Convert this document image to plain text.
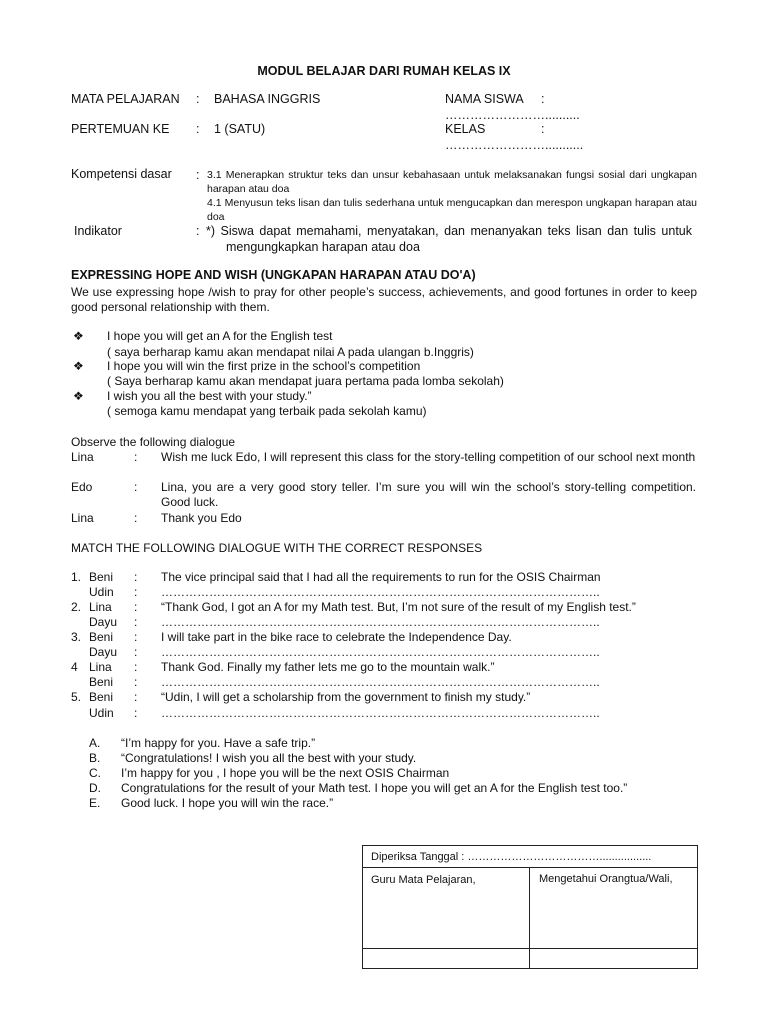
MODUL BELAJAR DARI RUMAH KELAS IX
MATA PELAJARAN : BAHASA INGGRIS	NAMA SISWA :
……………………..........
PERTEMUAN KE : 1 (SATU)	KELAS	:
……………………...........
Kompetensi dasar : 3.1 Menerapkan struktur teks dan unsur kebahasaan untuk melaksanakan fungsi sosial dari ungkapan harapan atau doa
4.1 Menyusun teks lisan dan tulis sederhana untuk mengucapkan dan merespon ungkapan harapan atau doa
Indikator	: *) Siswa dapat memahami, menyatakan, dan menanyakan teks lisan dan tulis untuk
mengungkapkan harapan atau doa
EXPRESSING HOPE AND WISH (UNGKAPAN HARAPAN ATAU DO'A)
We use expressing hope /wish to pray for other people’s success, achievements, and good fortunes in order to keep good personal relationship with them.
❖ I hope you will get an A for the English test
( saya berharap kamu akan mendapat nilai A pada ulangan b.Inggris)
❖ I hope you will win the first prize in the school’s competition
( Saya berharap kamu akan mendapat juara pertama pada lomba sekolah)
❖ I wish you all the best with your study.”
( semoga kamu mendapat yang terbaik pada sekolah kamu)
Observe the following dialogue
Lina	: Wish me luck Edo, I will represent this class for the story-telling competition of our school next month
Edo	: Lina, you are a very good story teller. I’m sure you will win the school’s story-telling competition. Good luck.
Lina	: Thank you Edo
MATCH THE FOLLOWING DIALOGUE WITH THE CORRECT RESPONSES
1. Beni : The vice principal said that I had all the requirements to run for the OSIS Chairman
Udin : ………………………………………………………………………………………………..
2. Lina : “Thank God, I got an A for my Math test. But, I’m not sure of the result of my English test.”
Dayu : ………………………………………………………………………………………………..
3. Beni : I will take part in the bike race to celebrate the Independence Day.
Dayu : ………………………………………………………………………………………………..
4 Lina : Thank God. Finally my father lets me go to the mountain walk.”
Beni : ………………………………………………………………………………………………..
5. Beni : “Udin, I will get a scholarship from the government to finish my study.”
Udin : ………………………………………………………………………………………………..
A. “I’m happy for you. Have a safe trip.”
B. “Congratulations! I wish you all the best with your study.
C. I’m happy for you , I hope you will be the next OSIS Chairman
D. Congratulations for the result of your Math test. I hope you will get an A for the English test too.”
E. Good luck. I hope you will win the race.”
Diperiksa Tanggal : ……………………………….................
Guru Mata Pelajaran,	Mengetahui Orangtua/Wali,
